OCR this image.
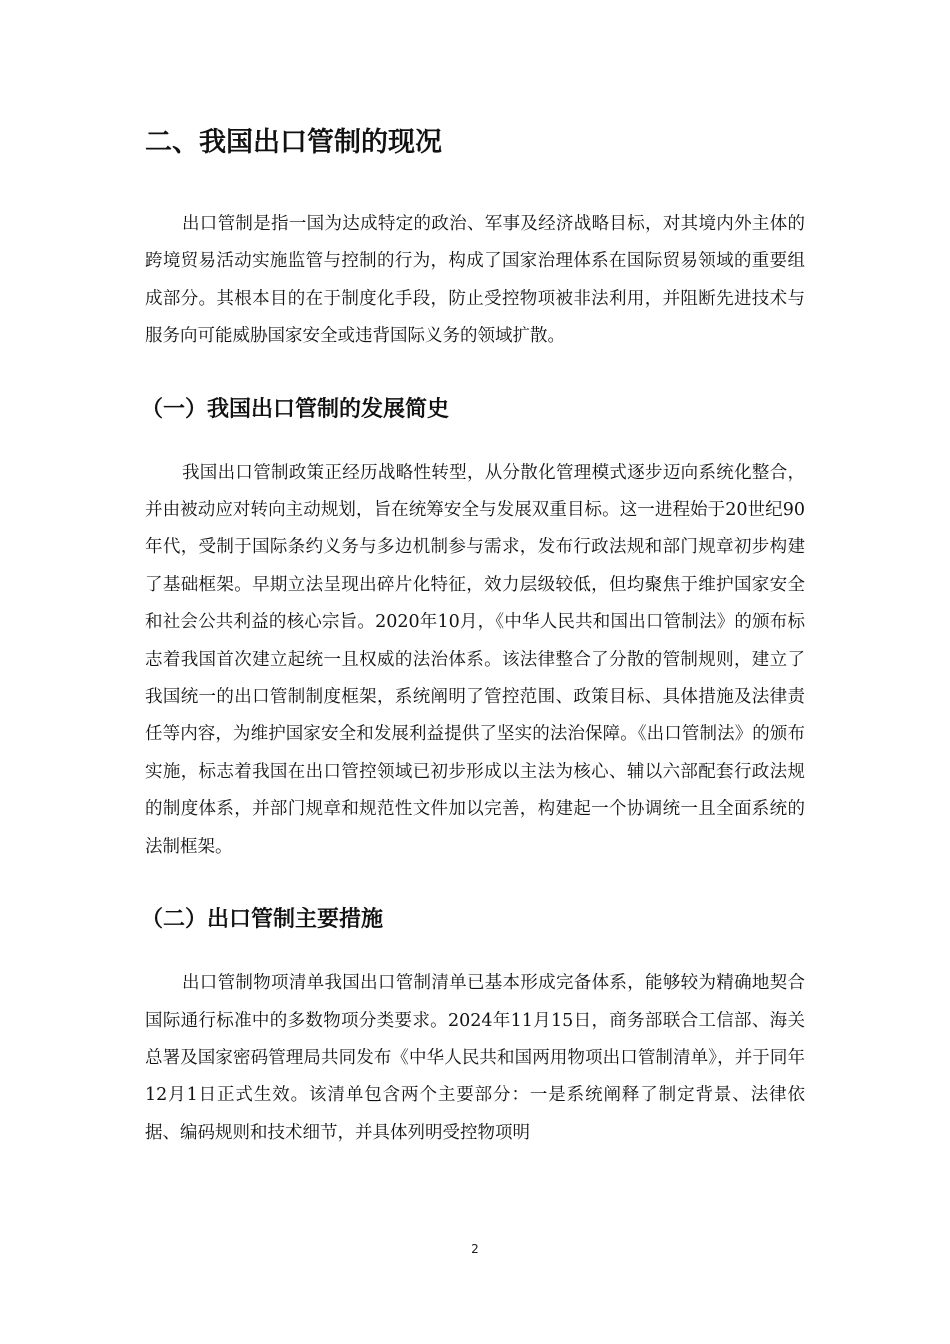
二、我国出口管制的现况

出口管制是指一国为达成特定的政治、军事及经济战略目标，对其境内外主体的跨境贸易活动实施监管与控制的行为，构成了国家治理体系在国际贸易领域的重要组成部分。其根本目的在于制度化手段，防止受控物项被非法利用，并阻断先进技术与服务向可能威胁国家安全或违背国际义务的领域扩散。

（一）我国出口管制的发展简史

我国出口管制政策正经历战略性转型，从分散化管理模式逐步迈向系统化整合，并由被动应对转向主动规划，旨在统筹安全与发展双重目标。这一进程始于20世纪90年代，受制于国际条约义务与多边机制参与需求，发布行政法规和部门规章初步构建了基础框架。早期立法呈现出碎片化特征，效力层级较低，但均聚焦于维护国家安全和社会公共利益的核心宗旨。2020年10月，《中华人民共和国出口管制法》的颁布标志着我国首次建立起统一且权威的法治体系。该法律整合了分散的管制规则，建立了我国统一的出口管制制度框架，系统阐明了管控范围、政策目标、具体措施及法律责任等内容，为维护国家安全和发展利益提供了坚实的法治保障。《出口管制法》的颁布实施，标志着我国在出口管控领域已初步形成以主法为核心、辅以六部配套行政法规的制度体系，并部门规章和规范性文件加以完善，构建起一个协调统一且全面系统的法制框架。

（二）出口管制主要措施

出口管制物项清单我国出口管制清单已基本形成完备体系，能够较为精确地契合国际通行标准中的多数物项分类要求。2024年11月15日，商务部联合工信部、海关总署及国家密码管理局共同发布《中华人民共和国两用物项出口管制清单》，并于同年12月1日正式生效。该清单包含两个主要部分：一是系统阐释了制定背景、法律依据、编码规则和技术细节，并具体列明受控物项明

2
